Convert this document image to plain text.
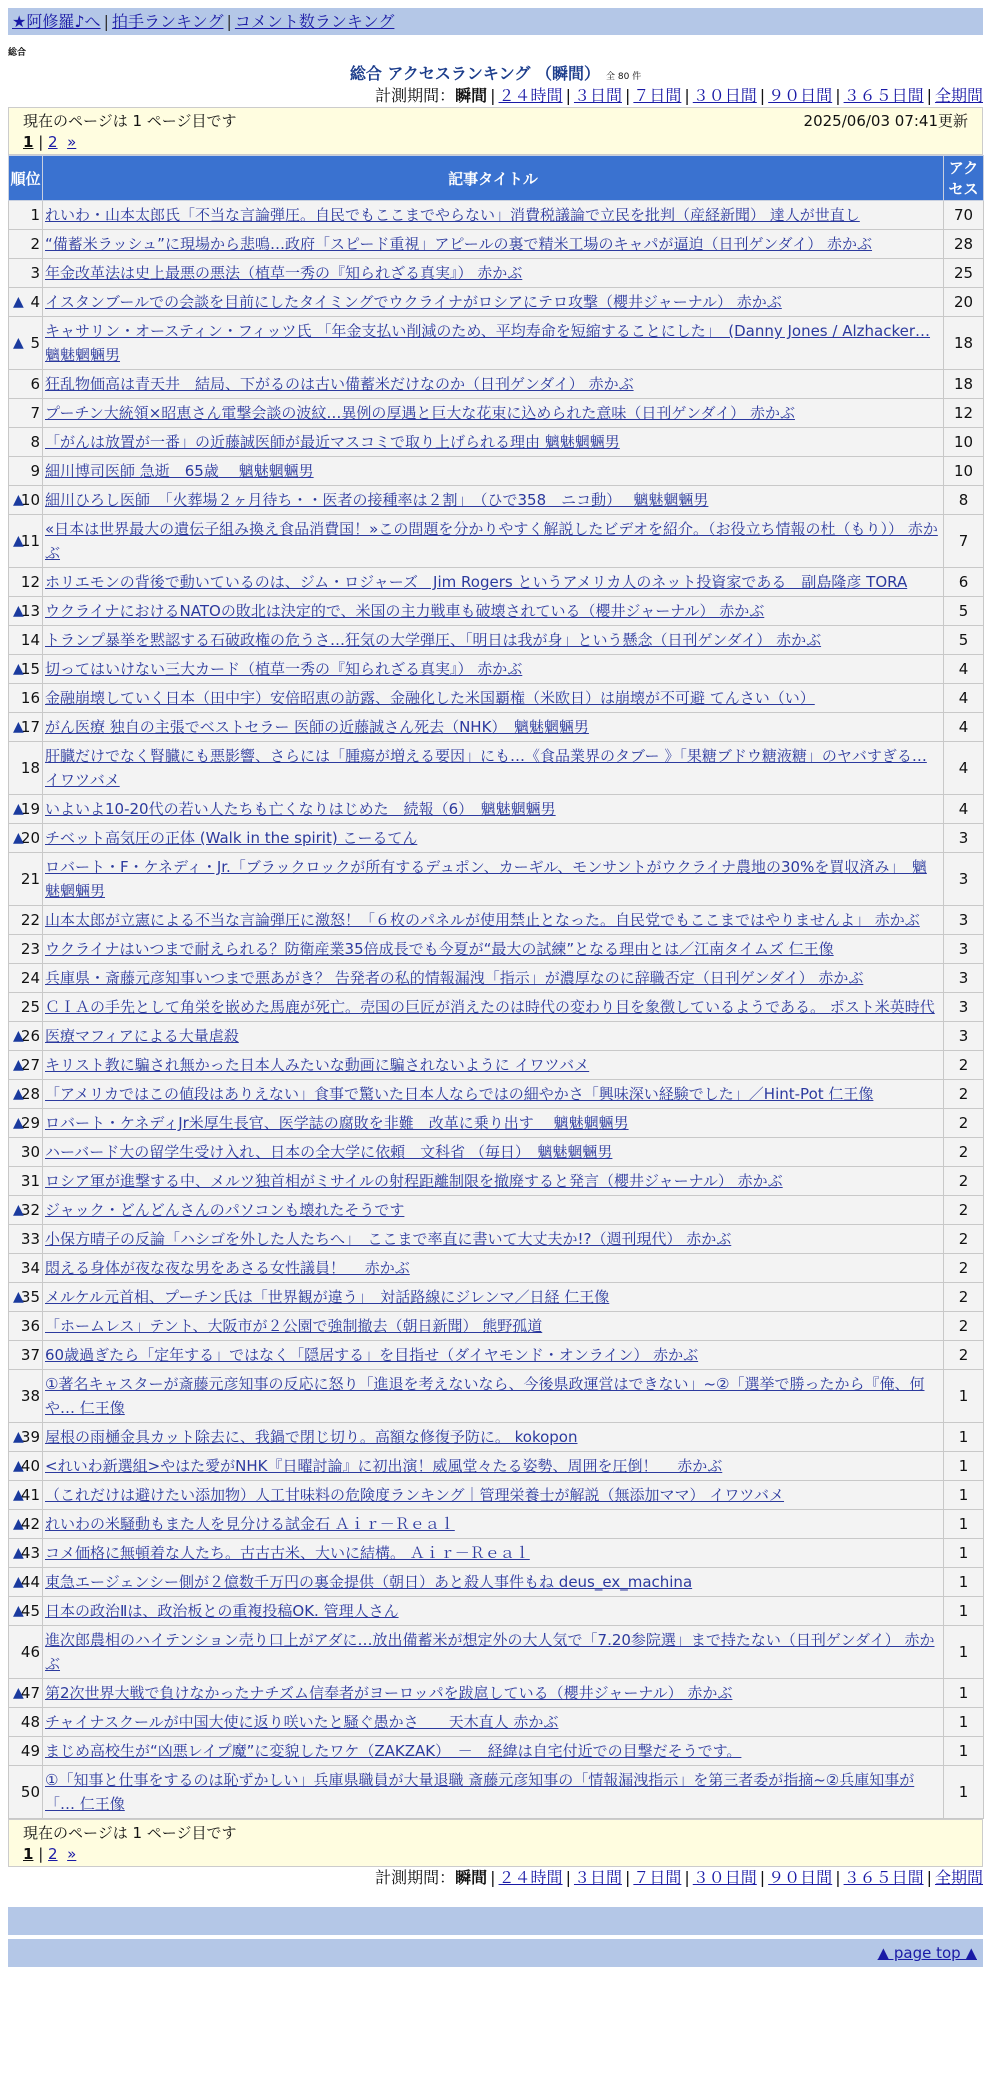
★阿修羅♪へ | 拍手ランキング | コメント数ランキング
総合
総合 アクセスランキング （瞬間） 全 80 件
計測期間：瞬間 | ２４時間 | ３日間 | ７日間 | ３０日間 | ９０日間 | ３６５日間 | 全期間
現在のページは 1 ページ目です	2025/06/03 07:41更新
1 | 2 »
順位	記事タイトル	アクセス
1	れいわ・山本太郎氏「不当な言論弾圧。自民でもここまでやらない」消費税議論で立民を批判（産経新聞） 達人が世直し	70
2	“備蓄米ラッシュ”に現場から悲鳴…政府「スピード重視」アピールの裏で精米工場のキャパが逼迫（日刊ゲンダイ） 赤かぶ	28
3	年金改革法は史上最悪の悪法（植草一秀の『知られざる真実』） 赤かぶ	25

▲ 4	イスタンブールでの会談を目前にしたタイミングでウクライナがロシアにテロ攻撃（櫻井ジャーナル） 赤かぶ	20

▲ 5	キャサリン・オースティン・フィッツ氏 「年金支払い削減のため、平均寿命を短縮することにした」　(Danny Jones / Alzhacker… 魑魅魍魎男	18
6	狂乱物価高は青天井　結局、下がるのは古い備蓄米だけなのか（日刊ゲンダイ） 赤かぶ	18
7	プーチン大統領×昭恵さん電撃会談の波紋…異例の厚遇と巨大な花束に込められた意味（日刊ゲンダイ） 赤かぶ	12
8	「がんは放置が一番」の近藤誠医師が最近マスコミで取り上げられる理由 魑魅魍魎男	10
9	細川博司医師 急逝　65歳　 魑魅魍魎男	10

▲
10	細川ひろし医師　「火葬場２ヶ月待ち・・医者の接種率は２割」　（ひで358　ニコ動）　 魑魅魍魎男	8

▲
11	«日本は世界最大の遺伝子組み換え食品消費国！»この問題を分かりやすく解説したビデオを紹介。（お役立ち情報の杜（もり）） 赤かぶ	7
12	ホリエモンの背後で動いているのは、ジム・ロジャーズ　Jim Rogers というアメリカ人のネット投資家である　副島隆彦 TORA	6

▲
13	ウクライナにおけるNATOの敗北は決定的で、米国の主力戦車も破壊されている（櫻井ジャーナル） 赤かぶ	5
14	トランプ暴挙を黙認する石破政権の危うさ…狂気の大学弾圧、「明日は我が身」という懸念（日刊ゲンダイ） 赤かぶ	5

▲
15	切ってはいけない三大カード（植草一秀の『知られざる真実』） 赤かぶ	4
16	金融崩壊していく日本（田中宇）安倍昭恵の訪露、金融化した米国覇権（米欧日）は崩壊が不可避 てんさい（い）	4

▲
17	がん医療 独自の主張でベストセラー 医師の近藤誠さん死去（NHK）　魑魅魍魎男	4
18	肝臓だけでなく腎臓にも悪影響、さらには「腫瘍が増える要因」にも…《食品業界のタブー 》「果糖ブドウ糖液糖」のヤバすぎる… イワツバメ	4

▲
19	いよいよ10-20代の若い人たちも亡くなりはじめた　続報（6）　魑魅魍魎男	4

▲
20	チベット高気圧の正体 (Walk in the spirit) こーるてん	3
21	ロバート・F・ケネディ・Jr.「ブラックロックが所有するデュポン、カーギル、モンサントがウクライナ農地の30%を買収済み」　魑魅魍魎男	3
22	山本太郎が立憲による不当な言論弾圧に激怒！「６枚のパネルが使用禁止となった。自民党でもここまではやりませんよ」 赤かぶ	3
23	ウクライナはいつまで耐えられる？防衛産業35倍成長でも今夏が“最大の試練”となる理由とは／江南タイムズ 仁王像	3
24	兵庫県・斎藤元彦知事いつまで悪あがき？ 告発者の私的情報漏洩「指示」が濃厚なのに辞職否定（日刊ゲンダイ） 赤かぶ	3
25	ＣＩＡの手先として角栄を嵌めた馬鹿が死亡。売国の巨匠が消えたのは時代の変わり目を象徴しているようである。 ポスト米英時代	3

▲
26	医療マフィアによる大量虐殺	3

▲
27	キリスト教に騙され無かった日本人みたいな動画に騙されないように イワツバメ	2

▲
28	「アメリカではこの値段はありえない」食事で驚いた日本人ならではの細やかさ「興味深い経験でした」／Hint-Pot 仁王像	2

▲
29	ロバート・ケネディJr米厚生長官、医学誌の腐敗を非難　改革に乗り出す　 魑魅魍魎男	2
30	ハーバード大の留学生受け入れ、日本の全大学に依頼　文科省 （毎日）　魑魅魍魎男	2
31	ロシア軍が進撃する中、メルツ独首相がミサイルの射程距離制限を撤廃すると発言（櫻井ジャーナル） 赤かぶ	2

▲
32	ジャック・どんどんさんのパソコンも壊れたそうです	2
33	小保方晴子の反論「ハシゴを外した人たちへ」　ここまで率直に書いて大丈夫か!?（週刊現代） 赤かぶ	2
34	悶える身体が夜な夜な男をあさる女性議員！　 赤かぶ	2

▲
35	メルケル元首相、プーチン氏は「世界観が違う」　対話路線にジレンマ／日経 仁王像	2
36	「ホームレス」テント、大阪市が２公園で強制撤去（朝日新聞） 熊野孤道	2
37	60歳過ぎたら「定年する」ではなく「隠居する」を目指せ（ダイヤモンド・オンライン） 赤かぶ	2
38	①著名キャスターが斎藤元彦知事の反応に怒り「進退を考えないなら、今後県政運営はできない」~②「選挙で勝ったから『俺、何や… 仁王像	1

▲
39	屋根の雨樋金具カット除去に、我鍋で閉じ切り。高額な修復予防に。 kokopon	1

▲
40	<れいわ新選組>やはた愛がNHK『日曜討論』に初出演！威風堂々たる姿勢、周囲を圧倒！　 赤かぶ	1

▲
41	（これだけは避けたい添加物）人工甘味料の危険度ランキング｜管理栄養士が解説（無添加ママ） イワツバメ	1

▲
42	れいわの米騒動もまた人を見分ける試金石 Ａｉｒ－Ｒｅａｌ	1

▲
43	コメ価格に無頓着な人たち。古古古米、大いに結構。 Ａｉｒ－Ｒｅａｌ	1

▲
44	東急エージェンシー側が２億数千万円の裏金提供（朝日）あと殺人事件もね deus_ex_machina	1

▲
45	日本の政治Ⅱは、政治板との重複投稿OK. 管理人さん	1
46	進次郎農相のハイテンション売り口上がアダに…放出備蓄米が想定外の大人気で「7.20参院選」まで持たない（日刊ゲンダイ） 赤かぶ	1

▲
47	第2次世界大戦で負けなかったナチズム信奉者がヨーロッパを跋扈している（櫻井ジャーナル） 赤かぶ	1
48	チャイナスクールが中国大使に返り咲いたと騒ぐ愚かさ　　天木直人 赤かぶ	1
49	まじめ高校生が“凶悪レイプ魔”に変貌したワケ（ZAKZAK）　－　経緯は自宅付近での目撃だそうです。	1
50	①「知事と仕事をするのは恥ずかしい」兵庫県職員が大量退職 斎藤元彦知事の「情報漏洩指示」を第三者委が指摘~②兵庫知事が「… 仁王像	1
現在のページは 1 ページ目です
1 | 2 »
計測期間：瞬間 | ２４時間 | ３日間 | ７日間 | ３０日間 | ９０日間 | ３６５日間 | 全期間
▲ page top ▲
